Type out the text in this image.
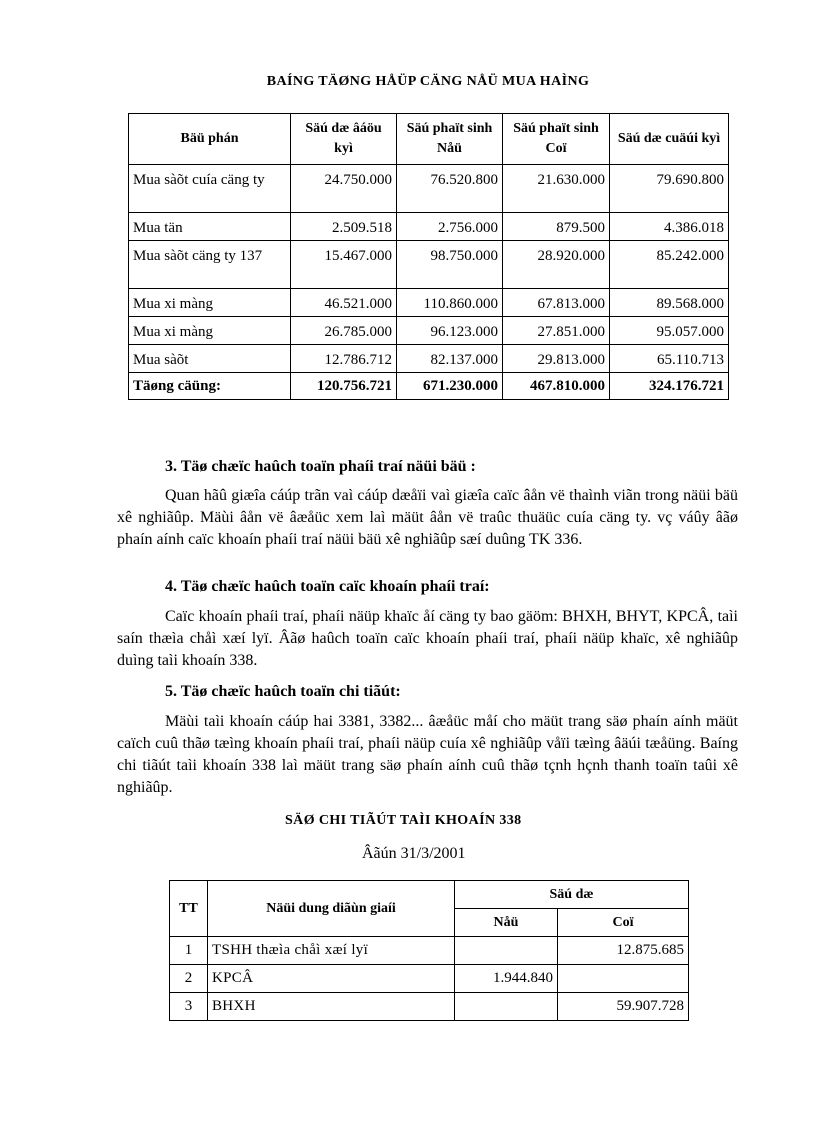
BAÍNG TÄØNG HÅÜP CÄNG NÅÜ MUA HAÌNG
Bäü phán	Säú dæ âáöu kyì	Säú phaït sinh Nåü	Säú phaït sinh Coï	Säú dæ cuäúi kyì
Mua sàõt cuía cäng ty	24.750.000	76.520.800	21.630.000	79.690.800
Mua tän	2.509.518	2.756.000	879.500	4.386.018
Mua sàõt cäng ty 137	15.467.000	98.750.000	28.920.000	85.242.000
Mua xi màng	46.521.000	110.860.000	67.813.000	89.568.000
Mua xi màng	26.785.000	96.123.000	27.851.000	95.057.000
Mua sàõt	12.786.712	82.137.000	29.813.000	65.110.713
Täøng cäüng:	120.756.721	671.230.000	467.810.000	324.176.721
3. Täø chæïc haûch toaïn phaíi traí näüi bäü :
Quan hãû giæîa cáúp trãn vaì cáúp dæåïi vaì giæîa caïc âån vë thaình viãn trong näüi bäü xê nghiãûp. Mäùi âån vë âæåüc xem laì mäüt âån vë traûc thuäüc cuía cäng ty. vç váûy âãø phaín aính caïc khoaín phaíi traí näüi bäü xê nghiãûp sæí duûng TK 336.
4. Täø chæïc haûch toaïn caïc khoaín phaíi traí:
Caïc khoaín phaíi traí, phaíi näüp khaïc åí cäng ty bao gäöm: BHXH, BHYT, KPCÂ, taìi saín thæìa chåì xæí lyï. Âãø haûch toaïn caïc khoaín phaíi traí, phaíi näüp khaïc, xê nghiãûp duìng taìi khoaín 338.
5. Täø chæïc haûch toaïn chi tiãút:
Mäùi taìi khoaín cáúp hai 3381, 3382... âæåüc måí cho mäüt trang säø phaín aính mäüt caïch cuû thãø tæìng khoaín phaíi traí, phaíi näüp cuía xê nghiãûp våïi tæìng âäúi tæåüng. Baíng chi tiãút taìi khoaín 338 laì mäüt trang säø phaín aính cuû thãø tçnh hçnh thanh toaïn taûi xê nghiãûp.
SÄØ CHI TIÃÚT TAÌI KHOAÍN 338
Âãún 31/3/2001
TT	Näüi dung diãùn giaíi	Säú dæ	
		Nåü	Coï
1	TSHH thæìa chåì xæí lyï		12.875.685
2	KPCÂ	1.944.840	
3	BHXH		59.907.728
